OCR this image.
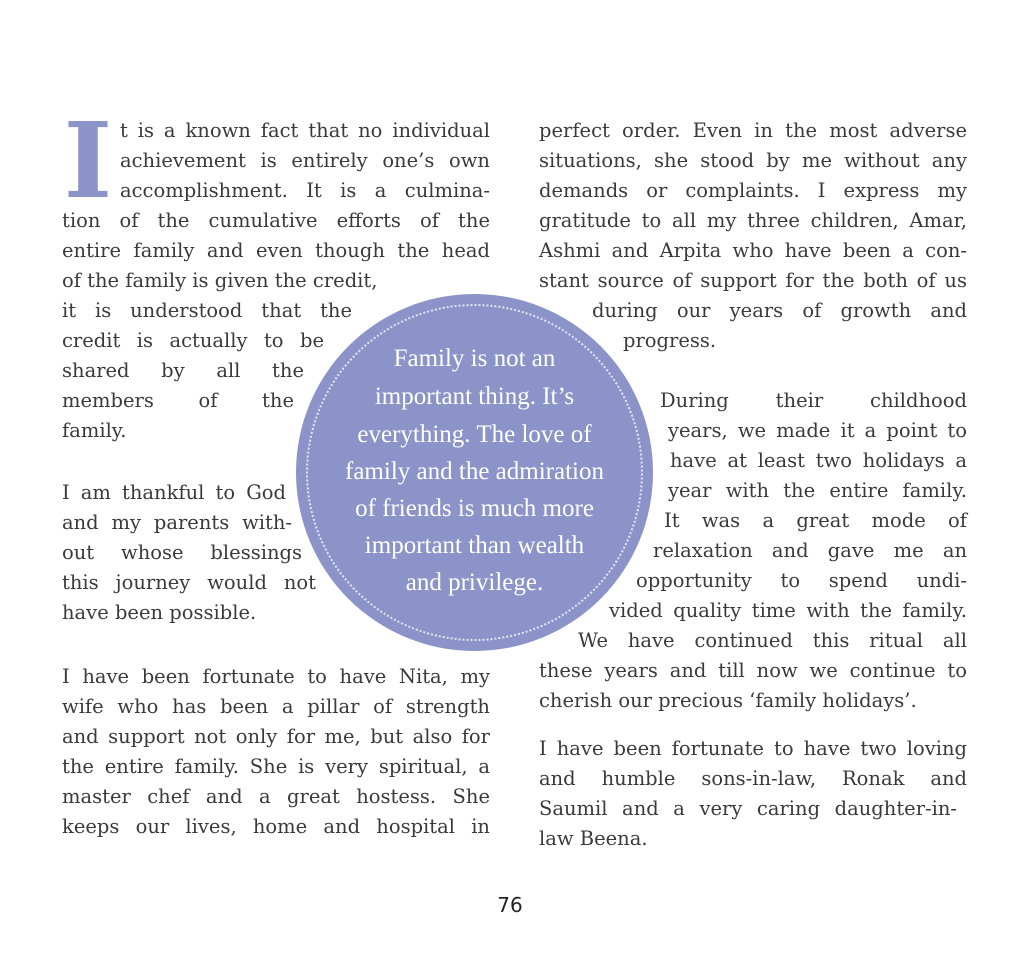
I t is a known fact that no individual
achievement is entirely one’s own
accomplishment. It is a culmina-
tion of the cumulative efforts of the
entire family and even though the head
of the family is given the credit,
it is understood that the
credit is actually to be
shared by all the
members of the
family.
I am thankful to God
and my parents with-
out whose blessings
this journey would not
have been possible.
I have been fortunate to have Nita, my
wife who has been a pillar of strength
and support not only for me, but also for
the entire family. She is very spiritual, a
master chef and a great hostess. She
keeps our lives, home and hospital in
perfect order. Even in the most adverse
situations, she stood by me without any
demands or complaints. I express my
gratitude to all my three children, Amar,
Ashmi and Arpita who have been a con-
stant source of support for the both of us
during our years of growth and
progress.
During their childhood
years, we made it a point to
have at least two holidays a
year with the entire family.
It was a great mode of
relaxation and gave me an
opportunity to spend undi-
vided quality time with the family.
We have continued this ritual all
these years and till now we continue to
cherish our precious ‘family holidays’.
I have been fortunate to have two loving
and humble sons-in-law, Ronak and
Saumil and a very caring daughter-in-
law Beena.
Family is not an
important thing. It’s
everything. The love of
family and the admiration
of friends is much more
important than wealth
and privilege.
76
